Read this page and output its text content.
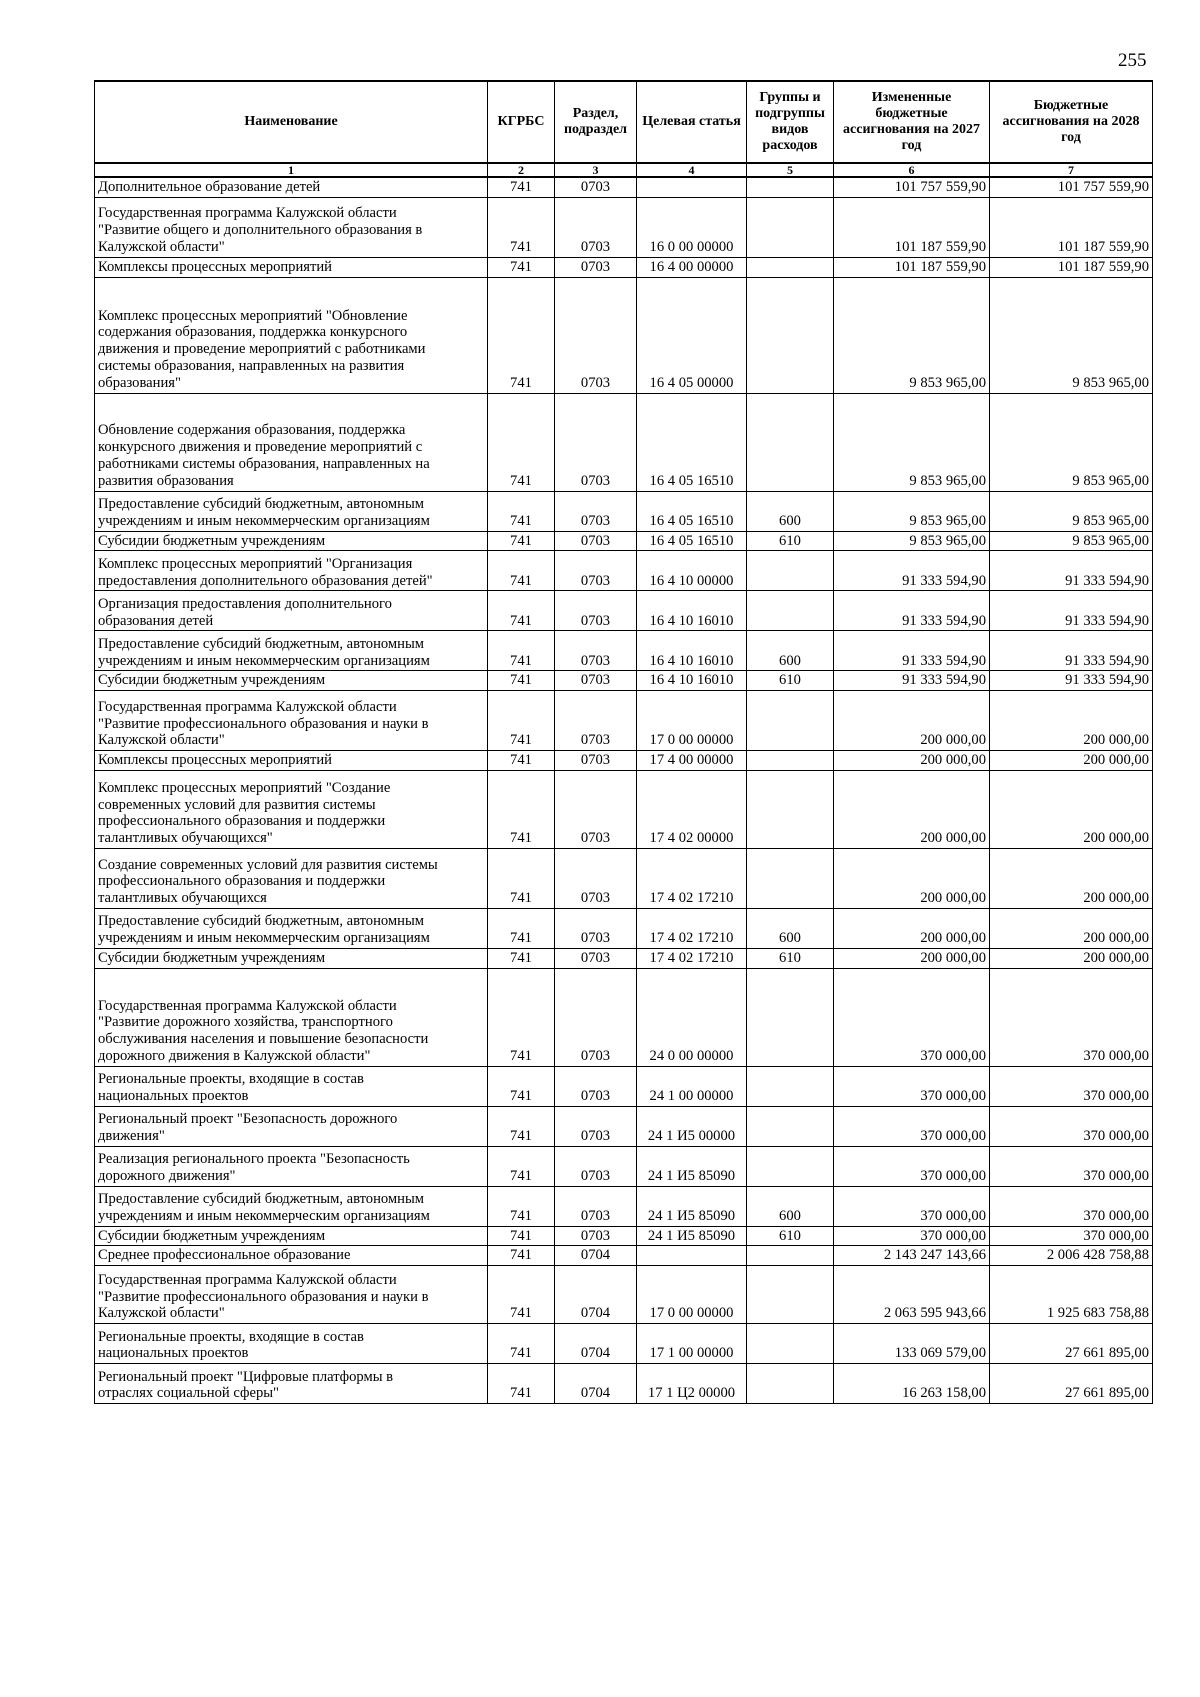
255
Наименование	КГРБС	Раздел, подраздел	Целевая статья	Группы и подгруппы видов расходов	Измененные бюджетные ассигнования на 2027 год	Бюджетные ассигнования на 2028 год
1	2	3	4	5	6	7
Дополнительное образование детей	741	0703			101 757 559,90	101 757 559,90
Государственная программа Калужской области
"Развитие общего и дополнительного образования в
Калужской области"	741	0703	16 0 00 00000		101 187 559,90	101 187 559,90
Комплексы процессных мероприятий	741	0703	16 4 00 00000		101 187 559,90	101 187 559,90
Комплекс процессных мероприятий "Обновление
содержания образования, поддержка конкурсного
движения и проведение мероприятий с работниками
системы образования, направленных на развития
образования"	741	0703	16 4 05 00000		9 853 965,00	9 853 965,00
Обновление содержания образования, поддержка
конкурсного движения и проведение мероприятий с
работниками системы образования, направленных на
развития образования	741	0703	16 4 05 16510		9 853 965,00	9 853 965,00
Предоставление субсидий бюджетным, автономным
учреждениям и иным некоммерческим организациям	741	0703	16 4 05 16510	600	9 853 965,00	9 853 965,00
Субсидии бюджетным учреждениям	741	0703	16 4 05 16510	610	9 853 965,00	9 853 965,00
Комплекс процессных мероприятий "Организация
предоставления дополнительного образования детей"	741	0703	16 4 10 00000		91 333 594,90	91 333 594,90
Организация предоставления дополнительного
образования детей	741	0703	16 4 10 16010		91 333 594,90	91 333 594,90
Предоставление субсидий бюджетным, автономным
учреждениям и иным некоммерческим организациям	741	0703	16 4 10 16010	600	91 333 594,90	91 333 594,90
Субсидии бюджетным учреждениям	741	0703	16 4 10 16010	610	91 333 594,90	91 333 594,90
Государственная программа Калужской области
"Развитие профессионального образования и науки в
Калужской области"	741	0703	17 0 00 00000		200 000,00	200 000,00
Комплексы процессных мероприятий	741	0703	17 4 00 00000		200 000,00	200 000,00
Комплекс процессных мероприятий "Создание
современных условий для развития системы
профессионального образования и поддержки
талантливых обучающихся"	741	0703	17 4 02 00000		200 000,00	200 000,00
Создание современных условий для развития системы
профессионального образования и поддержки
талантливых обучающихся	741	0703	17 4 02 17210		200 000,00	200 000,00
Предоставление субсидий бюджетным, автономным
учреждениям и иным некоммерческим организациям	741	0703	17 4 02 17210	600	200 000,00	200 000,00
Субсидии бюджетным учреждениям	741	0703	17 4 02 17210	610	200 000,00	200 000,00
Государственная программа Калужской области
"Развитие дорожного хозяйства, транспортного
обслуживания населения и повышение безопасности
дорожного движения в Калужской области"	741	0703	24 0 00 00000		370 000,00	370 000,00
Региональные проекты, входящие в состав
национальных проектов	741	0703	24 1 00 00000		370 000,00	370 000,00
Региональный проект "Безопасность дорожного
движения"	741	0703	24 1 И5 00000		370 000,00	370 000,00
Реализация регионального проекта "Безопасность
дорожного движения"	741	0703	24 1 И5 85090		370 000,00	370 000,00
Предоставление субсидий бюджетным, автономным
учреждениям и иным некоммерческим организациям	741	0703	24 1 И5 85090	600	370 000,00	370 000,00
Субсидии бюджетным учреждениям	741	0703	24 1 И5 85090	610	370 000,00	370 000,00
Среднее профессиональное образование	741	0704			2 143 247 143,66	2 006 428 758,88
Государственная программа Калужской области
"Развитие профессионального образования и науки в
Калужской области"	741	0704	17 0 00 00000		2 063 595 943,66	1 925 683 758,88
Региональные проекты, входящие в состав
национальных проектов	741	0704	17 1 00 00000		133 069 579,00	27 661 895,00
Региональный проект "Цифровые платформы в
отраслях социальной сферы"	741	0704	17 1 Ц2 00000		16 263 158,00	27 661 895,00
